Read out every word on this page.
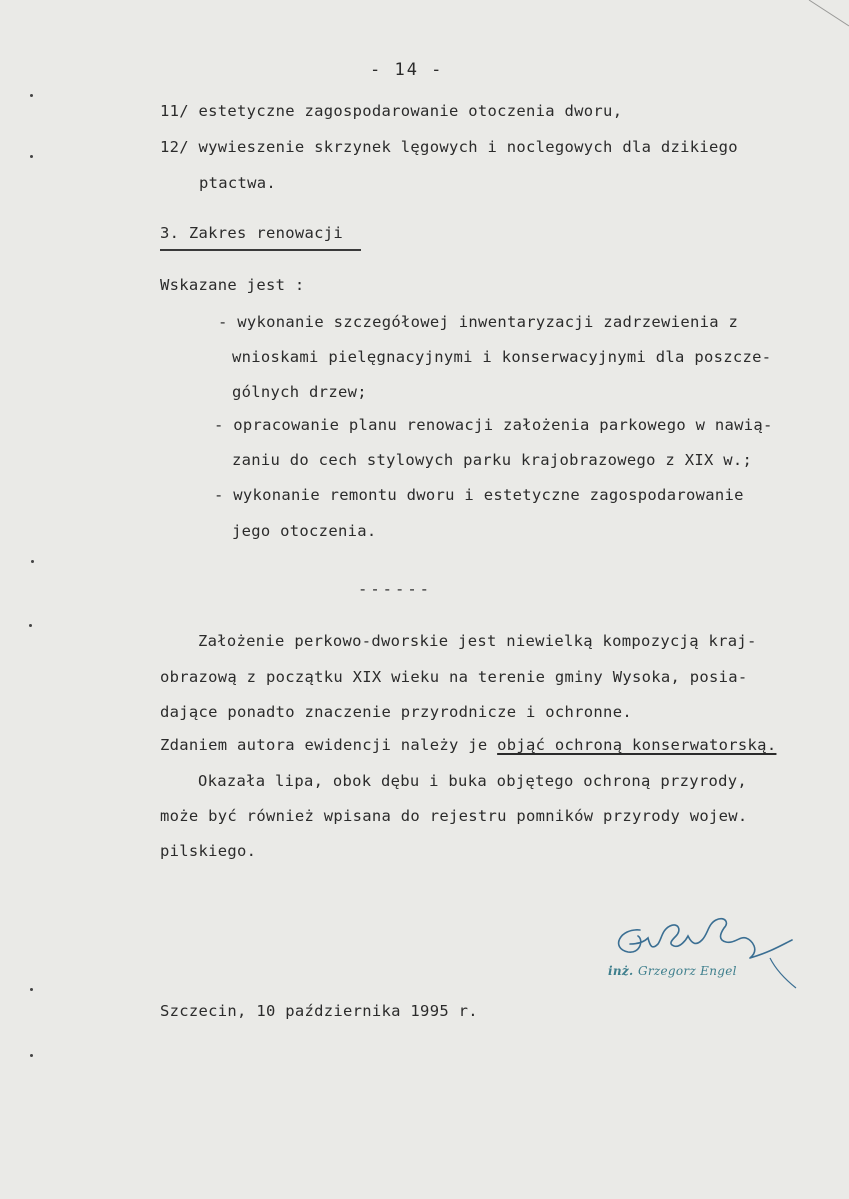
- 14 -
11/ estetyczne zagospodarowanie otoczenia dworu,
12/ wywieszenie skrzynek lęgowych i noclegowych dla dzikiego
ptactwa.
3. Zakres renowacji
Wskazane jest :
- wykonanie szczegółowej inwentaryzacji zadrzewienia z
wnioskami pielęgnacyjnymi i konserwacyjnymi dla poszcze-
gólnych drzew;
- opracowanie planu renowacji założenia parkowego w nawią-
zaniu do cech stylowych parku krajobrazowego z XIX w.;
- wykonanie remontu dworu i estetyczne zagospodarowanie
jego otoczenia.
------
Założenie perkowo-dworskie jest niewielką kompozycją kraj-
obrazową z początku XIX wieku na terenie gminy Wysoka, posia-
dające ponadto znaczenie przyrodnicze i ochronne.
Zdaniem autora ewidencji należy je objąć ochroną konserwatorską.
Okazała lipa, obok dębu i buka objętego ochroną przyrody,
może być również wpisana do rejestru pomników przyrody wojew.
pilskiego.
inż. Grzegorz Engel
Szczecin, 10 października 1995 r.
